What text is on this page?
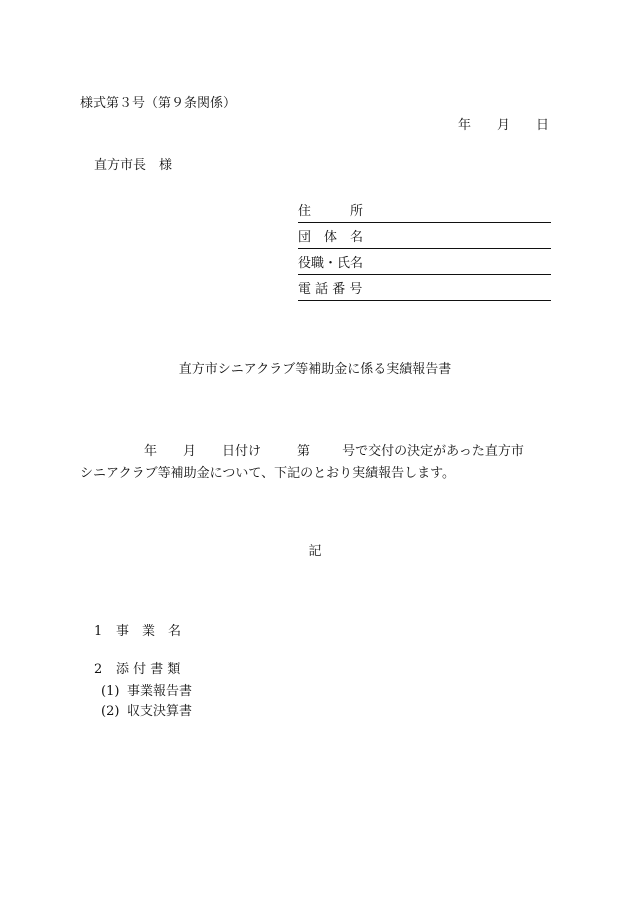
様式第３号（第９条関係）
年 月 日
直方市長　様
住　　　所
団　体　名
役職・氏名
電 話 番 号
直方市シニアクラブ等補助金に係る実績報告書
年 月 日付け	第 号で交付の決定があった直方市
シニアクラブ等補助金について、下記のとおり実績報告します。
記
1 事　業　名
2 添 付 書 類
(1) 事業報告書
(2) 収支決算書
